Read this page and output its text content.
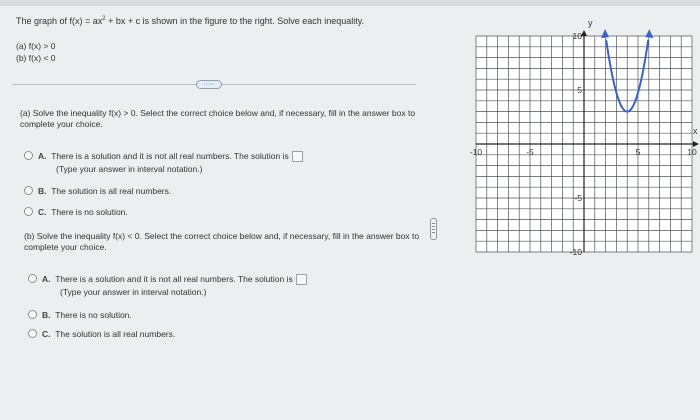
The graph of $f(x) = ax^2$ + bx + c is shown in the figure to the right. Solve each inequality.
(a) f(x) > 0
(b) f(x) < 0
·····
(a) Solve the inequality f(x) > 0. Select the correct choice below and, if necessary, fill in the answer box to complete your choice.
A. There is a solution and it is not all real numbers. The solution is
(Type your answer in interval notation.)
B. The solution is all real numbers.
C. There is no solution.
(b) Solve the inequality f(x) < 0. Select the correct choice below and, if necessary, fill in the answer box to complete your choice.
A. There is a solution and it is not all real numbers. The solution is
(Type your answer in interval notation.)
B. There is no solution.
C. The solution is all real numbers.
x
y
-10	-5	5	10
10
5
-5
-10
